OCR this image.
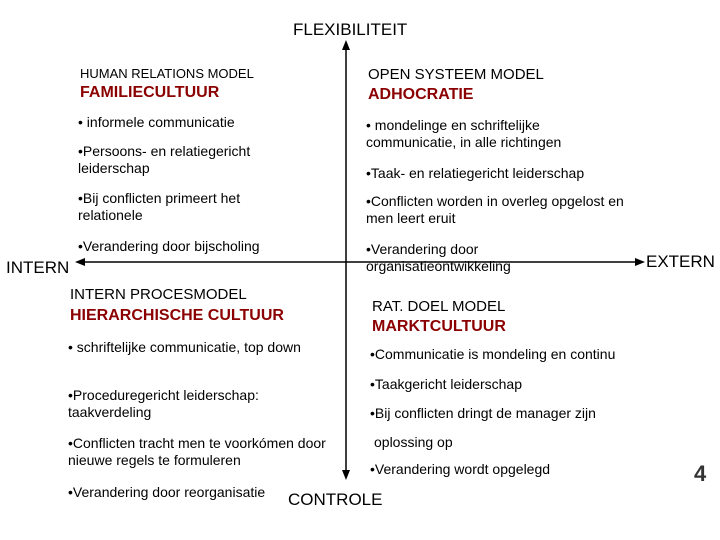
FLEXIBILITEIT
CONTROLE
INTERN	EXTERN
HUMAN RELATIONS MODEL
FAMILIECULTUUR
• informele communicatie
•Persoons- en relatiegericht leiderschap
•Bij conflicten primeert het relationele
•Verandering door bijscholing
OPEN SYSTEEM MODEL
ADHOCRATIE
• mondelinge en schriftelijke communicatie, in alle richtingen
•Taak- en relatiegericht leiderschap
•Conflicten worden in overleg opgelost en men leert eruit
•Verandering door organisatieontwikkeling
INTERN PROCESMODEL
HIERARCHISCHE CULTUUR
• schriftelijke communicatie, top down
•Proceduregericht leiderschap: taakverdeling
•Conflicten tracht men te voorkómen door nieuwe regels te formuleren
•Verandering door reorganisatie
RAT. DOEL MODEL
MARKTCULTUUR
•Communicatie is mondeling en continu
•Taakgericht leiderschap
•Bij conflicten dringt de manager zijn
oplossing op
•Verandering wordt opgelegd	4
